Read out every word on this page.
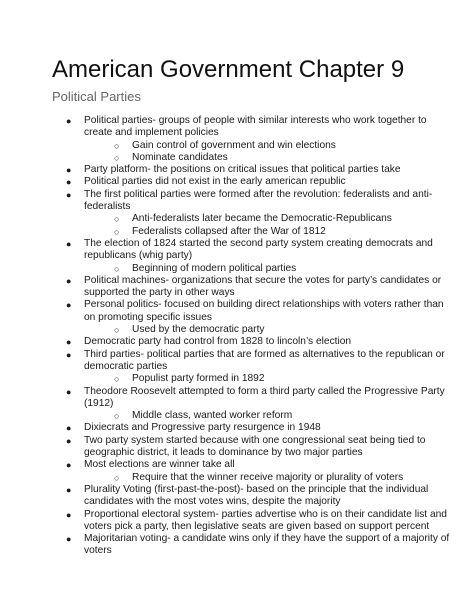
American Government Chapter 9
Political Parties
● Political parties- groups of people with similar interests who work together to create and implement policies
○ Gain control of government and win elections
○ Nominate candidates
● Party platform- the positions on critical issues that political parties take
● Political parties did not exist in the early american republic
● The first political parties were formed after the revolution: federalists and anti-federalists
○ Anti-federalists later became the Democratic-Republicans
○ Federalists collapsed after the War of 1812
● The election of 1824 started the second party system creating democrats and republicans (whig party)
○ Beginning of modern political parties
● Political machines- organizations that secure the votes for party’s candidates or supported the party in other ways
● Personal politics- focused on building direct relationships with voters rather than on promoting specific issues
○ Used by the democratic party
● Democratic party had control from 1828 to lincoln’s election
● Third parties- political parties that are formed as alternatives to the republican or democratic parties
○ Populist party formed in 1892
● Theodore Roosevelt attempted to form a third party called the Progressive Party (1912)
○ Middle class, wanted worker reform
● Dixiecrats and Progressive party resurgence in 1948
● Two party system started because with one congressional seat being tied to geographic district, it leads to dominance by two major parties
● Most elections are winner take all
○ Require that the winner receive majority or plurality of voters
● Plurality Voting (first-past-the-post)- based on the principle that the individual candidates with the most votes wins, despite the majority
● Proportional electoral system- parties advertise who is on their candidate list and voters pick a party, then legislative seats are given based on support percent
● Majoritarian voting- a candidate wins only if they have the support of a majority of voters
